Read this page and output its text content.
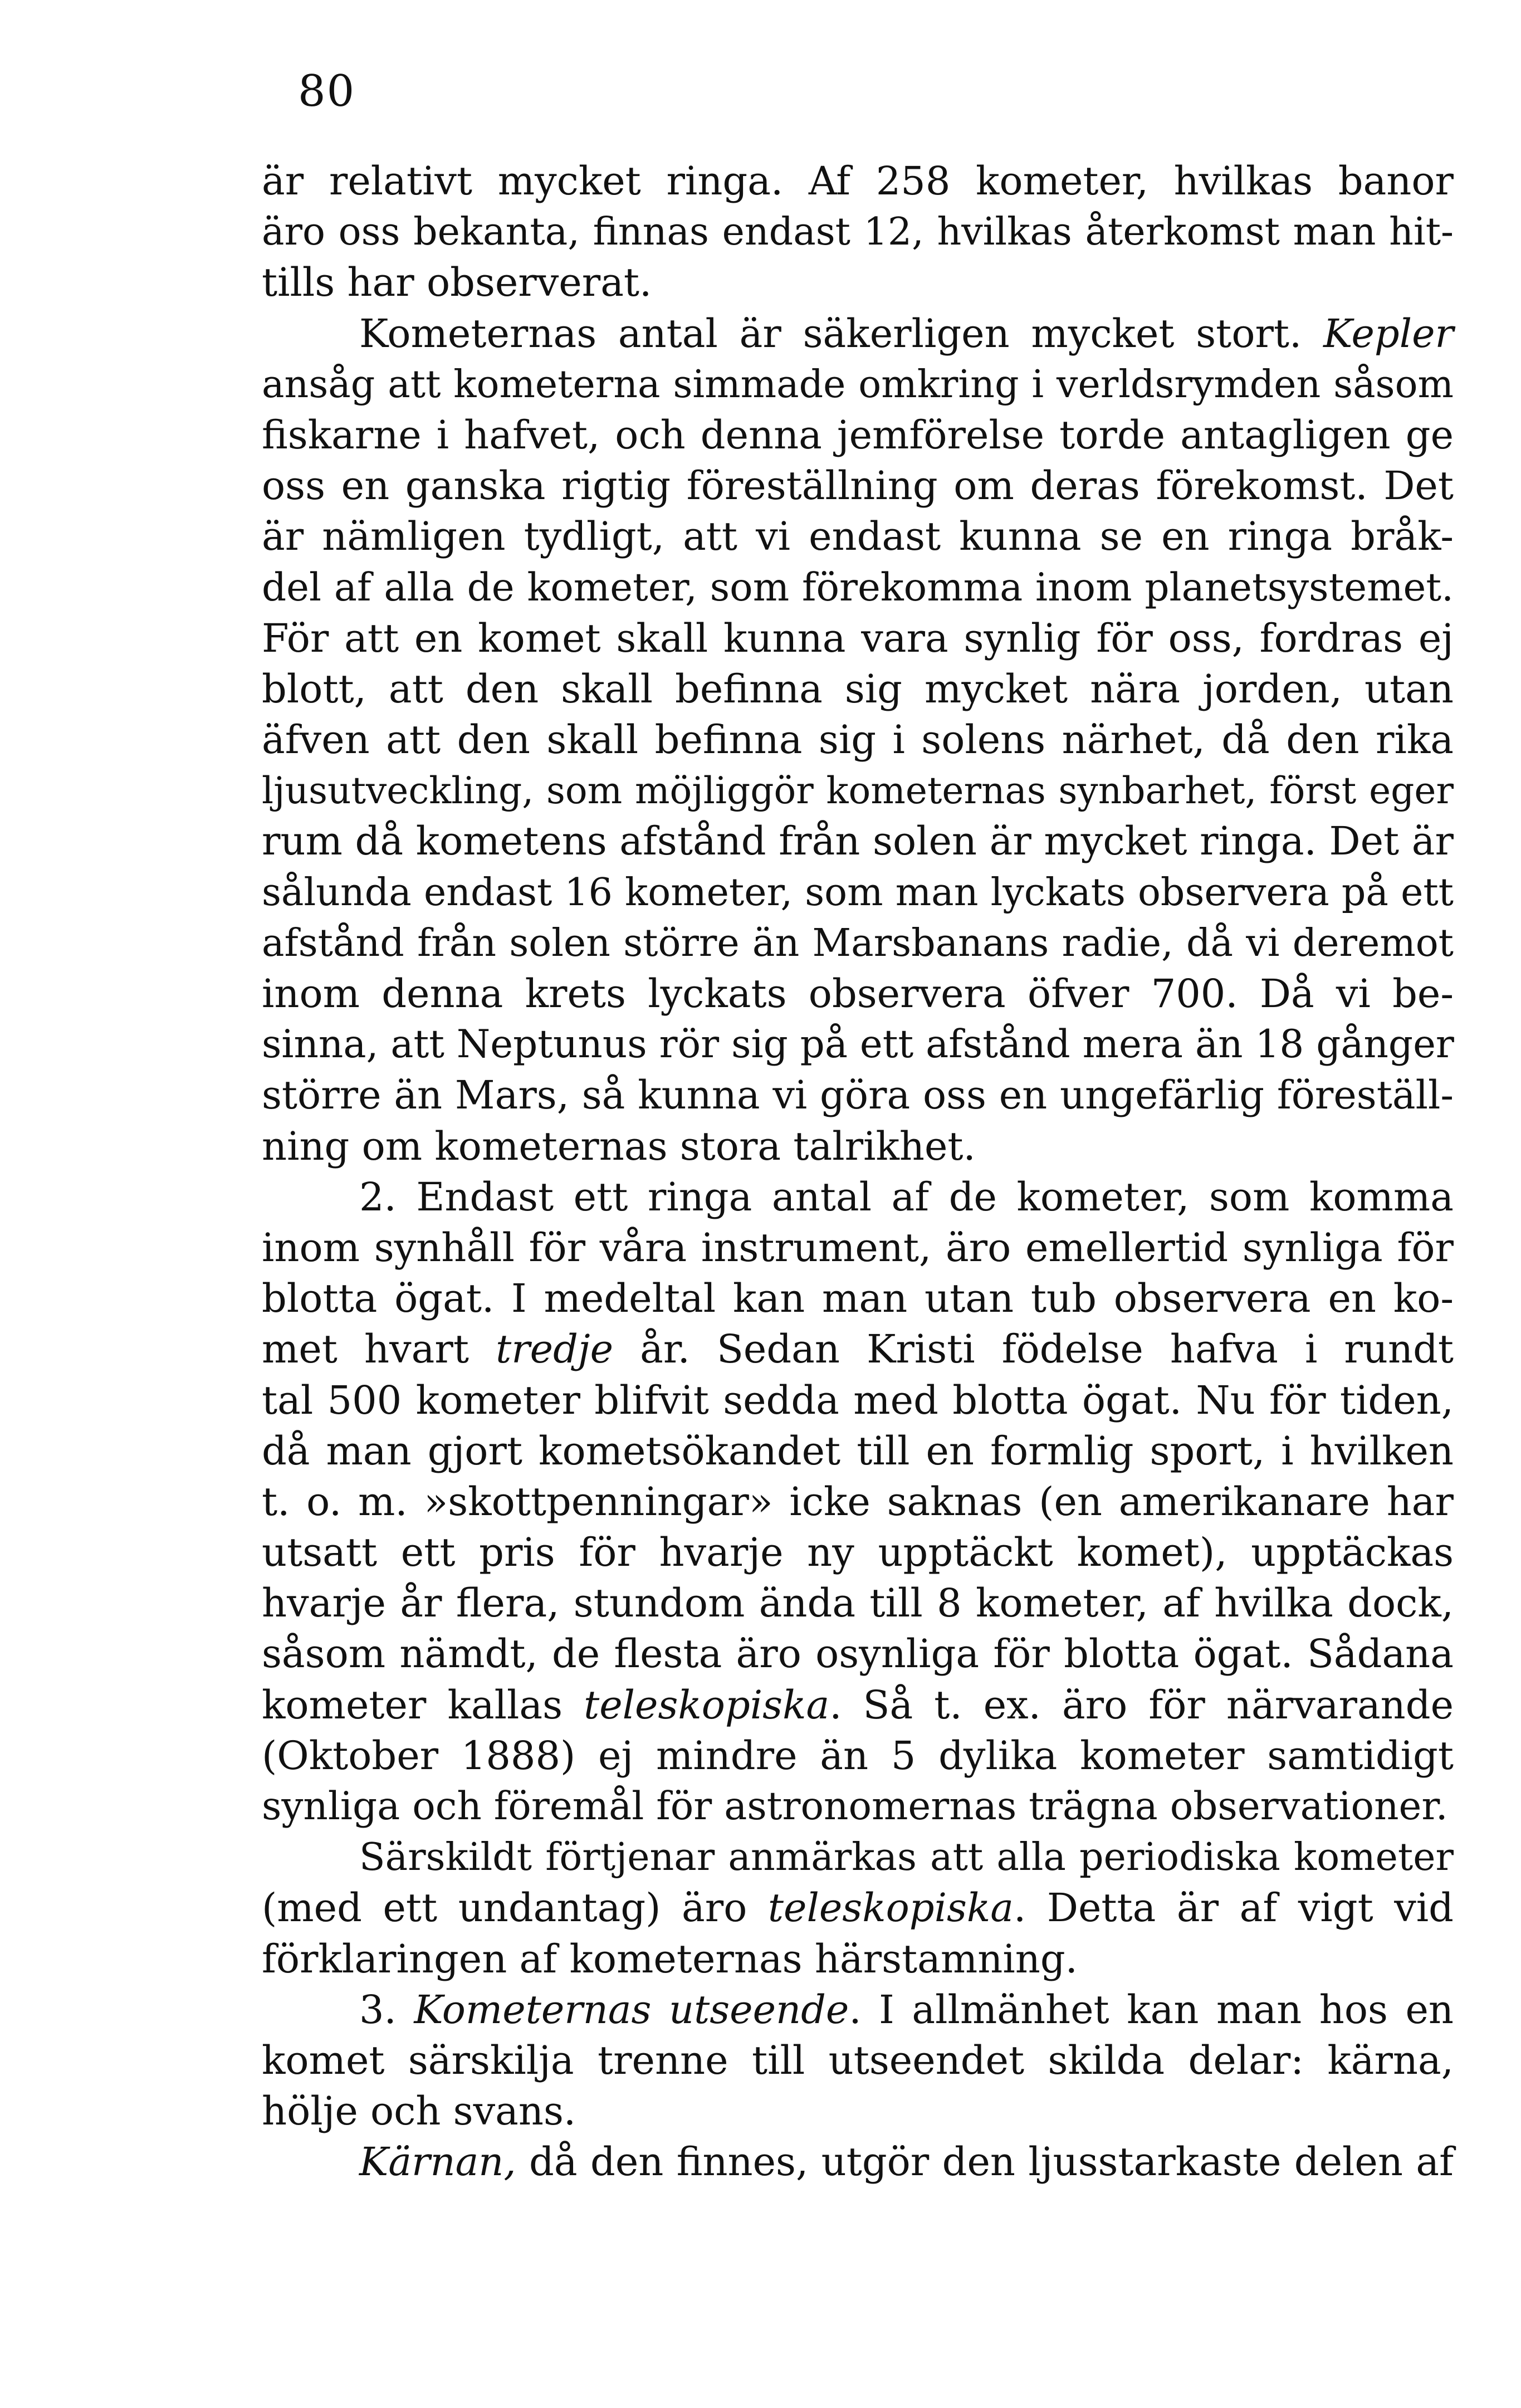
80
är relativt mycket ringa. Af 258 kometer, hvilkas banor
äro oss bekanta, finnas endast 12, hvilkas återkomst man hit-
tills har observerat.
Kometernas antal är säkerligen mycket stort. Kepler
ansåg att kometerna simmade omkring i verldsrymden såsom
fiskarne i hafvet, och denna jemförelse torde antagligen ge
oss en ganska rigtig föreställning om deras förekomst. Det
är nämligen tydligt, att vi endast kunna se en ringa bråk-
del af alla de kometer, som förekomma inom planetsystemet.
För att en komet skall kunna vara synlig för oss, fordras ej
blott, att den skall befinna sig mycket nära jorden, utan
äfven att den skall befinna sig i solens närhet, då den rika
ljusutveckling, som möjliggör kometernas synbarhet, först eger
rum då kometens afstånd från solen är mycket ringa. Det är
sålunda endast 16 kometer, som man lyckats observera på ett
afstånd från solen större än Marsbanans radie, då vi deremot
inom denna krets lyckats observera öfver 700. Då vi be-
sinna, att Neptunus rör sig på ett afstånd mera än 18 gånger
större än Mars, så kunna vi göra oss en ungefärlig föreställ-
ning om kometernas stora talrikhet.
2. Endast ett ringa antal af de kometer, som komma
inom synhåll för våra instrument, äro emellertid synliga för
blotta ögat. I medeltal kan man utan tub observera en ko-
met hvart tredje år. Sedan Kristi födelse hafva i rundt
tal 500 kometer blifvit sedda med blotta ögat. Nu för tiden,
då man gjort kometsökandet till en formlig sport, i hvilken
t. o. m. »skottpenningar» icke saknas (en amerikanare har
utsatt ett pris för hvarje ny upptäckt komet), upptäckas
hvarje år flera, stundom ända till 8 kometer, af hvilka dock,
såsom nämdt, de flesta äro osynliga för blotta ögat. Sådana
kometer kallas teleskopiska. Så t. ex. äro för närvarande
(Oktober 1888) ej mindre än 5 dylika kometer samtidigt
synliga och föremål för astronomernas trägna observationer.
Särskildt förtjenar anmärkas att alla periodiska kometer
(med ett undantag) äro teleskopiska. Detta är af vigt vid
förklaringen af kometernas härstamning.
3. Kometernas utseende. I allmänhet kan man hos en
komet särskilja trenne till utseendet skilda delar: kärna,
hölje och svans.
Kärnan, då den finnes, utgör den ljusstarkaste delen af
